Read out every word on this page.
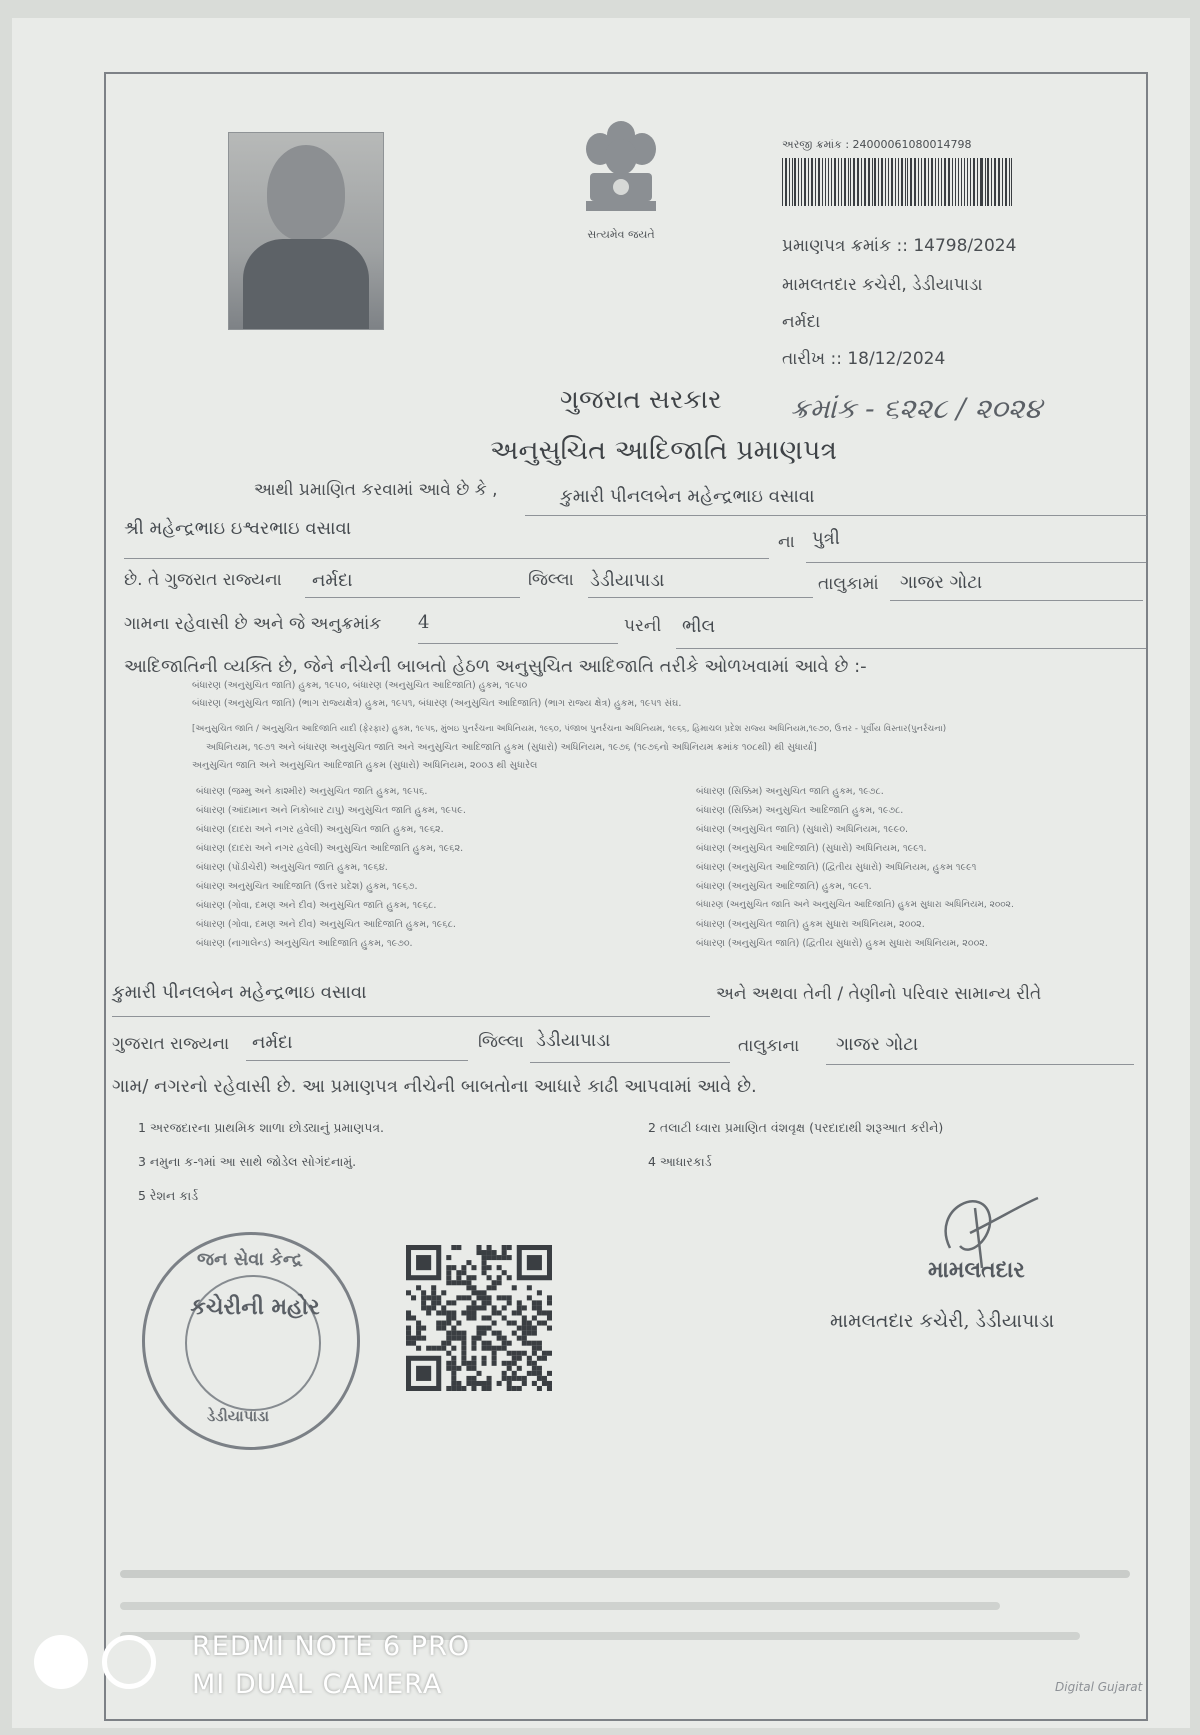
સત્યમેવ જયતે
અરજી ક્રમાંક : 24000061080014798
પ્રમાણપત્ર ક્રમાંક :: 14798/2024
મામલતદાર કચેરી, ડેડીયાપાડા
નર્મદા
તારીખ :: 18/12/2024
ગુજરાત સરકાર ક્રમાંક - ૬૨૨૮ / ૨૦૨૪
અનુસુચિત આદિજાતિ પ્રમાણપત્ર
આથી પ્રમાણિત કરવામાં આવે છે કે ,	કુમારી પીનલબેન મહેન્દ્રભાઇ વસાવા
શ્રી મહેન્દ્રભાઇ ઇશ્વરભાઇ વસાવા
ના પુત્રી
છે. તે ગુજરાત રાજ્યના નર્મદા	જિલ્લા ડેડીયાપાડા	તાલુકામાં ગાજર ગોટા
ગામના રહેવાસી છે અને જે અનુક્રમાંક 4	પરની ભીલ
આદિજાતિની વ્યક્તિ છે, જેને નીચેની બાબતો હેઠળ અનુસુચિત આદિજાતિ તરીકે ઓળખવામાં આવે છે :-
બંધારણ (અનુસુચિત જાતિ) હુકમ, ૧૯૫૦, બંધારણ (અનુસુચિત આદિજાતિ) હુકમ, ૧૯૫૦
બંધારણ (અનુસુચિત જાતિ) (ભાગ રાજ્યક્ષેત્ર) હુકમ, ૧૯૫૧, બંધારણ (અનુસુચિત આદિજાતિ) (ભાગ રાજ્ય ક્ષેત્ર) હુકમ, ૧૯૫૧ સંઘ.
[અનુસુચિત જાતિ / અનુસુચિત આદિજાતિ યાદી (ફેરફાર) હુકમ, ૧૯૫૬, મુંબઇ પુનર્રચના અધિનિયમ, ૧૯૬૦, પંજાબ પુનર્રચના અધિનિયમ, ૧૯૬૬, હિમાચલ પ્રદેશ રાજ્ય અધિનિયમ,૧૯૭૦, ઉત્તર - પૂર્વીય વિસ્તાર(પુનર્રચના)
અધિનિયમ, ૧૯૭૧ અને બંધારણ અનુસુચિત જાતિ અને અનુસુચિત આદિજાતિ હુકમ (સુધારો) અધિનિયમ, ૧૯૭૬ (૧૯૭૬નો અધિનિયમ ક્રમાંક ૧૦૮થી) થી સુધાર્યા]
અનુસુચિત જાતિ અને અનુસુચિત આદિજાતિ હુકમ (સુધારો) અધિનિયમ, ૨૦૦૩ થી સુધારેલ
બંધારણ (જમ્મુ અને કાશ્મીર) અનુસુચિત જાતિ હુકમ, ૧૯૫૬.
બંધારણ (આંદામાન અને નિકોબાર ટાપુ) અનુસુચિત જાતિ હુકમ, ૧૯૫૯.
બંધારણ (દાદરા અને નગર હવેલી) અનુસુચિત જાતિ હુકમ, ૧૯૬૨.
બંધારણ (દાદરા અને નગર હવેલી) અનુસુચિત આદિજાતિ હુકમ, ૧૯૬૨.
બંધારણ (પોંડીચેરી) અનુસુચિત જાતિ હુકમ, ૧૯૬૪.
બંધારણ અનુસુચિત આદિજાતિ (ઉત્તર પ્રદેશ) હુકમ, ૧૯૬૭.
બંધારણ (ગોવા, દમણ અને દીવ) અનુસુચિત જાતિ હુકમ, ૧૯૬૮.
બંધારણ (ગોવા, દમણ અને દીવ) અનુસુચિત આદિજાતિ હુકમ, ૧૯૬૮.
બંધારણ (નાગાલેન્ડ) અનુસુચિત આદિજાતિ હુકમ, ૧૯૭૦.
બંધારણ (સિક્કિમ) અનુસુચિત જાતિ હુકમ, ૧૯૭૮.
બંધારણ (સિક્કિમ) અનુસુચિત આદિજાતિ હુકમ, ૧૯૭૮.
બંધારણ (અનુસુચિત જાતિ) (સુધારો) અધિનિયમ, ૧૯૯૦.
બંધારણ (અનુસુચિત આદિજાતિ) (સુધારો) અધિનિયમ, ૧૯૯૧.
બંધારણ (અનુસુચિત આદિજાતિ) (દ્વિતીય સુધારો) અધિનિયમ, હુકમ ૧૯૯૧
બંધારણ (અનુસુચિત આદિજાતિ) હુકમ, ૧૯૯૧.
બંધારણ (અનુસુચિત જાતિ અને અનુસુચિત આદિજાતિ) હુકમ સુધારા અધિનિયમ, ૨૦૦૨.
બંધારણ (અનુસુચિત જાતિ) હુકમ સુધારા અધિનિયમ, ૨૦૦૨.
બંધારણ (અનુસુચિત જાતિ) (દ્વિતીય સુધારો) હુકમ સુધારા અધિનિયમ, ૨૦૦૨.
કુમારી પીનલબેન મહેન્દ્રભાઇ વસાવા	અને અથવા તેની / તેણીનો પરિવાર સામાન્ય રીતે
ગુજરાત રાજ્યના નર્મદા	જિલ્લા ડેડીયાપાડા	તાલુકાના ગાજર ગોટા
ગામ/ નગરનો રહેવાસી છે. આ પ્રમાણપત્ર નીચેની બાબતોના આધારે કાઢી આપવામાં આવે છે.
1 અરજદારના પ્રાથમિક શાળા છોડ્યાનું પ્રમાણપત્ર.	2 તલાટી ધ્વારા પ્રમાણિત વંશવૃક્ષ (પરદાદાથી શરૂઆત કરીને)
3 નમુના ક-૧માં આ સાથે જોડેલ સોગંદનામું.	4 આધારકાર્ડ
5 રેશન કાર્ડ
જન સેવા કેન્દ્ર
કચેરીની મહોર
ડેડીયાપાડા
મામલતદાર
મામલતદાર કચેરી, ડેડીયાપાડા
Digital Gujarat
REDMI NOTE 6 PRO
MI DUAL CAMERA
